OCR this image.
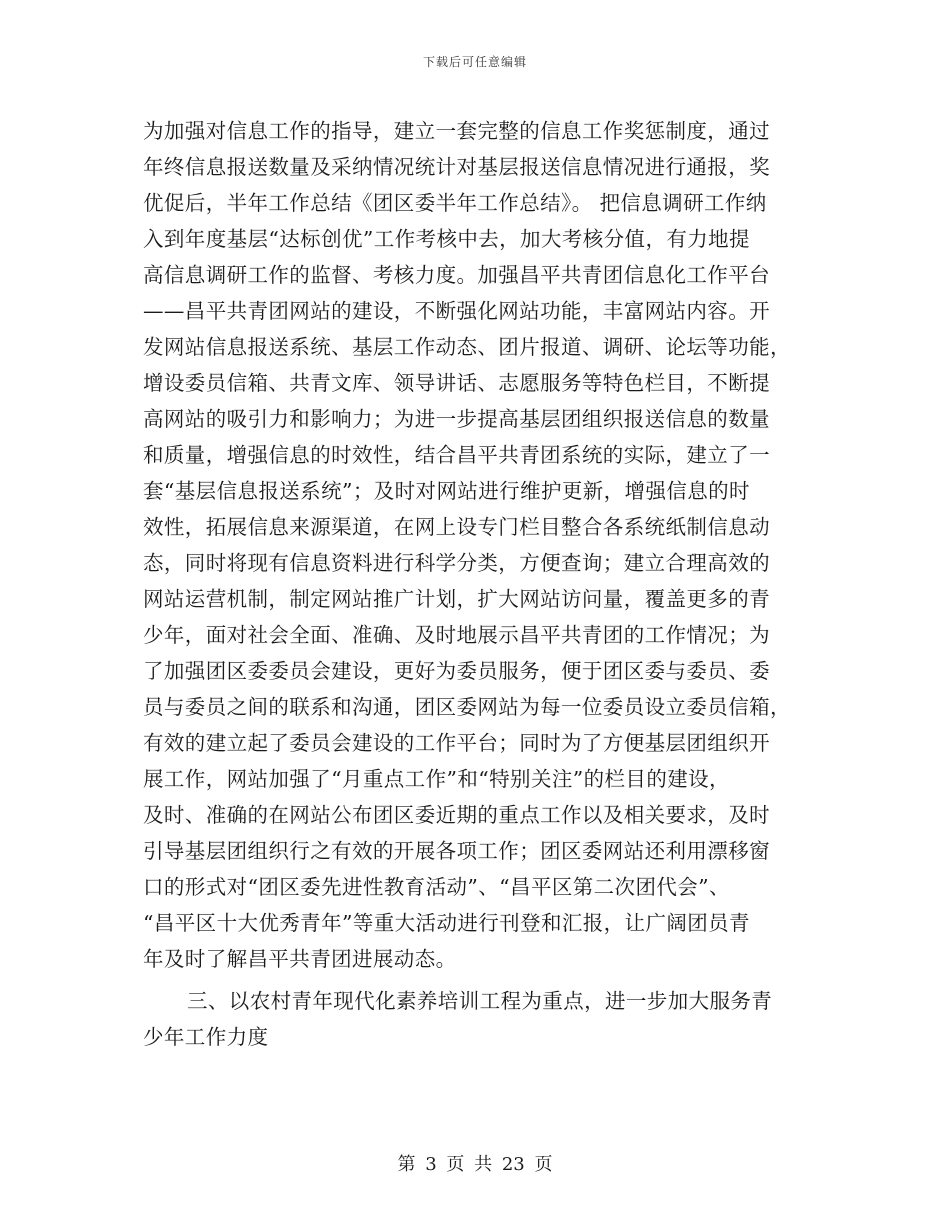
下载后可任意编辑
为加强对信息工作的指导，建立一套完整的信息工作奖惩制度，通过
年终信息报送数量及采纳情况统计对基层报送信息情况进行通报，奖
优促后，半年工作总结《团区委半年工作总结》。 把信息调研工作纳
入到年度基层“达标创优”工作考核中去，加大考核分值，有力地提
高信息调研工作的监督、考核力度。加强昌平共青团信息化工作平台
——昌平共青团网站的建设，不断强化网站功能，丰富网站内容。开
发网站信息报送系统、基层工作动态、团片报道、调研、论坛等功能，
增设委员信箱、共青文库、领导讲话、志愿服务等特色栏目，不断提
高网站的吸引力和影响力；为进一步提高基层团组织报送信息的数量
和质量，增强信息的时效性，结合昌平共青团系统的实际，建立了一
套“基层信息报送系统”；及时对网站进行维护更新，增强信息的时
效性，拓展信息来源渠道，在网上设专门栏目整合各系统纸制信息动
态，同时将现有信息资料进行科学分类，方便查询；建立合理高效的
网站运营机制，制定网站推广计划，扩大网站访问量，覆盖更多的青
少年，面对社会全面、准确、及时地展示昌平共青团的工作情况；为
了加强团区委委员会建设，更好为委员服务，便于团区委与委员、委
员与委员之间的联系和沟通，团区委网站为每一位委员设立委员信箱，
有效的建立起了委员会建设的工作平台；同时为了方便基层团组织开
展工作，网站加强了“月重点工作”和“特别关注”的栏目的建设，
及时、准确的在网站公布团区委近期的重点工作以及相关要求，及时
引导基层团组织行之有效的开展各项工作；团区委网站还利用漂移窗
口的形式对“团区委先进性教育活动”、“昌平区第二次团代会”、
“昌平区十大优秀青年”等重大活动进行刊登和汇报，让广阔团员青
年及时了解昌平共青团进展动态。
三、以农村青年现代化素养培训工程为重点，进一步加大服务青
少年工作力度
第 3 页 共 23 页
